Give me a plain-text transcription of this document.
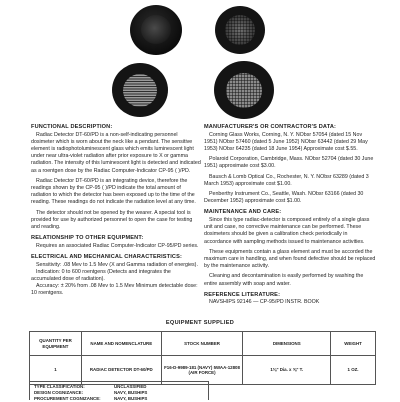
FUNCTIONAL DESCRIPTION:

Radiac Detector DT-60/PD is a non-self-indicating personnel dosimeter which is worn about the neck like a pendant. The sensitive element is radiophotoluminescent glass which emits luminescent light under near ultra-violet radiation after prior exposure to X or gamma radiation. The intensity of this luminescent light is detected and indicated as a roentgen dose by the Radiac Computer-Indicator CP-95 ( )/PD.

Radiac Detector DT-60/PD is an integrating device, therefore the readings shown by the CP-95 ( )/PD indicate the total amount of radiation to which the detector has been exposed up to the time of the reading. These readings do not indicate the radiation level at any time.

The detector should not be opened by the wearer. A special tool is provided for use by authorized personnel to open the case for testing and reading.

RELATIONSHIP TO OTHER EQUIPMENT:

Requires an associated Radiac Computer-Indicator CP-95/PD series.

ELECTRICAL AND MECHANICAL CHARACTERISTICS:

Sensitivity: .08 Mev to 1.5 Mev (X and Gamma radiation of energies).

Indication: 0 to 600 roentgens (Detects and integrates the accumulated dose of radiation).

Accuracy: ± 20% from .08 Mev to 1.5 Mev Minimum detectable dose: 10 roentgens.

MANUFACTURER'S OR CONTRACTOR'S DATA:

Corning Glass Works, Corning, N. Y. NObsr 57054 (dated 15 Nov 1951) NObsr 57460 (dated 5 June 1952) NObsr 63442 (dated 29 May 1953) NObsr 64235 (dated 18 June 1954) Approximate cost $.55.

Polaroid Corporation, Cambridge, Mass. NObsr 52704 (dated 30 June 1951) approximate cost $3.00.

Bausch & Lomb Optical Co., Rochester, N. Y. NObsr 63289 (dated 3 March 1953) approximate cost $1.00.

Penberthy Instrument Co., Seattle, Wash. NObsr 63166 (dated 30 December 1952) approximate cost $1.00.

MAINTENANCE AND CARE:

Since this type radiac-detector is composed entirely of a single glass unit and case, no corrective maintenance can be performed. These dosimeters should be given a calibration check periodically in accordance with sampling methods issued to maintenance activities.

These equipments contain a glass element and must be accorded the maximum care in handling, and when found defective should be replaced by the maintenance activity.

Cleaning and decontamination is easily performed by washing the entire assembly with soap and water.

REFERENCE LITERATURE:

NAVSHIPS 92146 — CP-95/PD INSTR. BOOK

EQUIPMENT SUPPLIED
QUANTITY PER EQUIPMENT	NAME AND NOMENCLATURE	STOCK NUMBER	DIMENSIONS	WEIGHT
1	RADIAC DETECTOR DT-60/PD	F16-D-9989-181 (NAVY) 5WAA-12808 (AIR FORCE)	1⅜" Dia. x ⅝" T.	1 OZ.
TYPE CLASSIFICATION:	UNCLASSIFIED
DESIGN COGNIZANCE:	NAVY, BUSHIPS
PROCUREMENT COGNIZANCE:	NAVY, BUSHIPS
